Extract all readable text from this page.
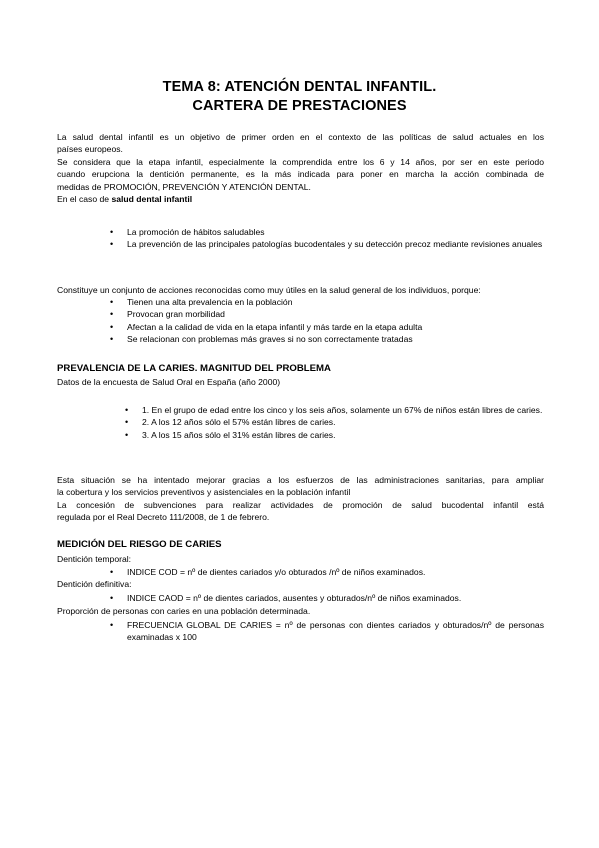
TEMA 8: ATENCIÓN DENTAL INFANTIL.
CARTERA DE PRESTACIONES
La salud dental infantil es un objetivo de primer orden en el contexto de las políticas de salud actuales en los
países europeos.
Se considera que la etapa infantil, especialmente la comprendida entre los 6 y 14 años, por ser en este periodo
cuando erupciona la dentición permanente, es la más indicada para poner en marcha la acción combinada de
medidas de PROMOCIÓN, PREVENCIÓN Y ATENCIÓN DENTAL.
En el caso de salud dental infantil
• La promoción de hábitos saludables
• La prevención de las principales patologías bucodentales y su detección precoz mediante revisiones anuales
Constituye un conjunto de acciones reconocidas como muy útiles en la salud general de los individuos, porque:
• Tienen una alta prevalencia en la población
• Provocan gran morbilidad
• Afectan a la calidad de vida en la etapa infantil y más tarde en la etapa adulta
• Se relacionan con problemas más graves si no son correctamente tratadas
PREVALENCIA DE LA CARIES. MAGNITUD DEL PROBLEMA
Datos de la encuesta de Salud Oral en España (año 2000)
• 1. En el grupo de edad entre los cinco y los seis años, solamente un 67% de niños están libres de caries.
• 2. A los 12 años sólo el 57% están libres de caries.
• 3. A los 15 años sólo el 31% están libres de caries.
Esta situación se ha intentado mejorar gracias a los esfuerzos de las administraciones sanitarias, para ampliar
la cobertura y los servicios preventivos y asistenciales en la población infantil
La concesión de subvenciones para realizar actividades de promoción de salud bucodental infantil está
regulada por el Real Decreto 111/2008, de 1 de febrero.
MEDICIÓN DEL RIESGO DE CARIES
Dentición temporal:
• INDICE COD = nº de dientes cariados y/o obturados /nº de niños examinados.
Dentición definitiva:
• INDICE CAOD = nº de dientes cariados, ausentes y obturados/nº de niños examinados.
Proporción de personas con caries en una población determinada.
• FRECUENCIA GLOBAL DE CARIES = nº de personas con dientes cariados y obturados/nº de personas examinadas x 100
